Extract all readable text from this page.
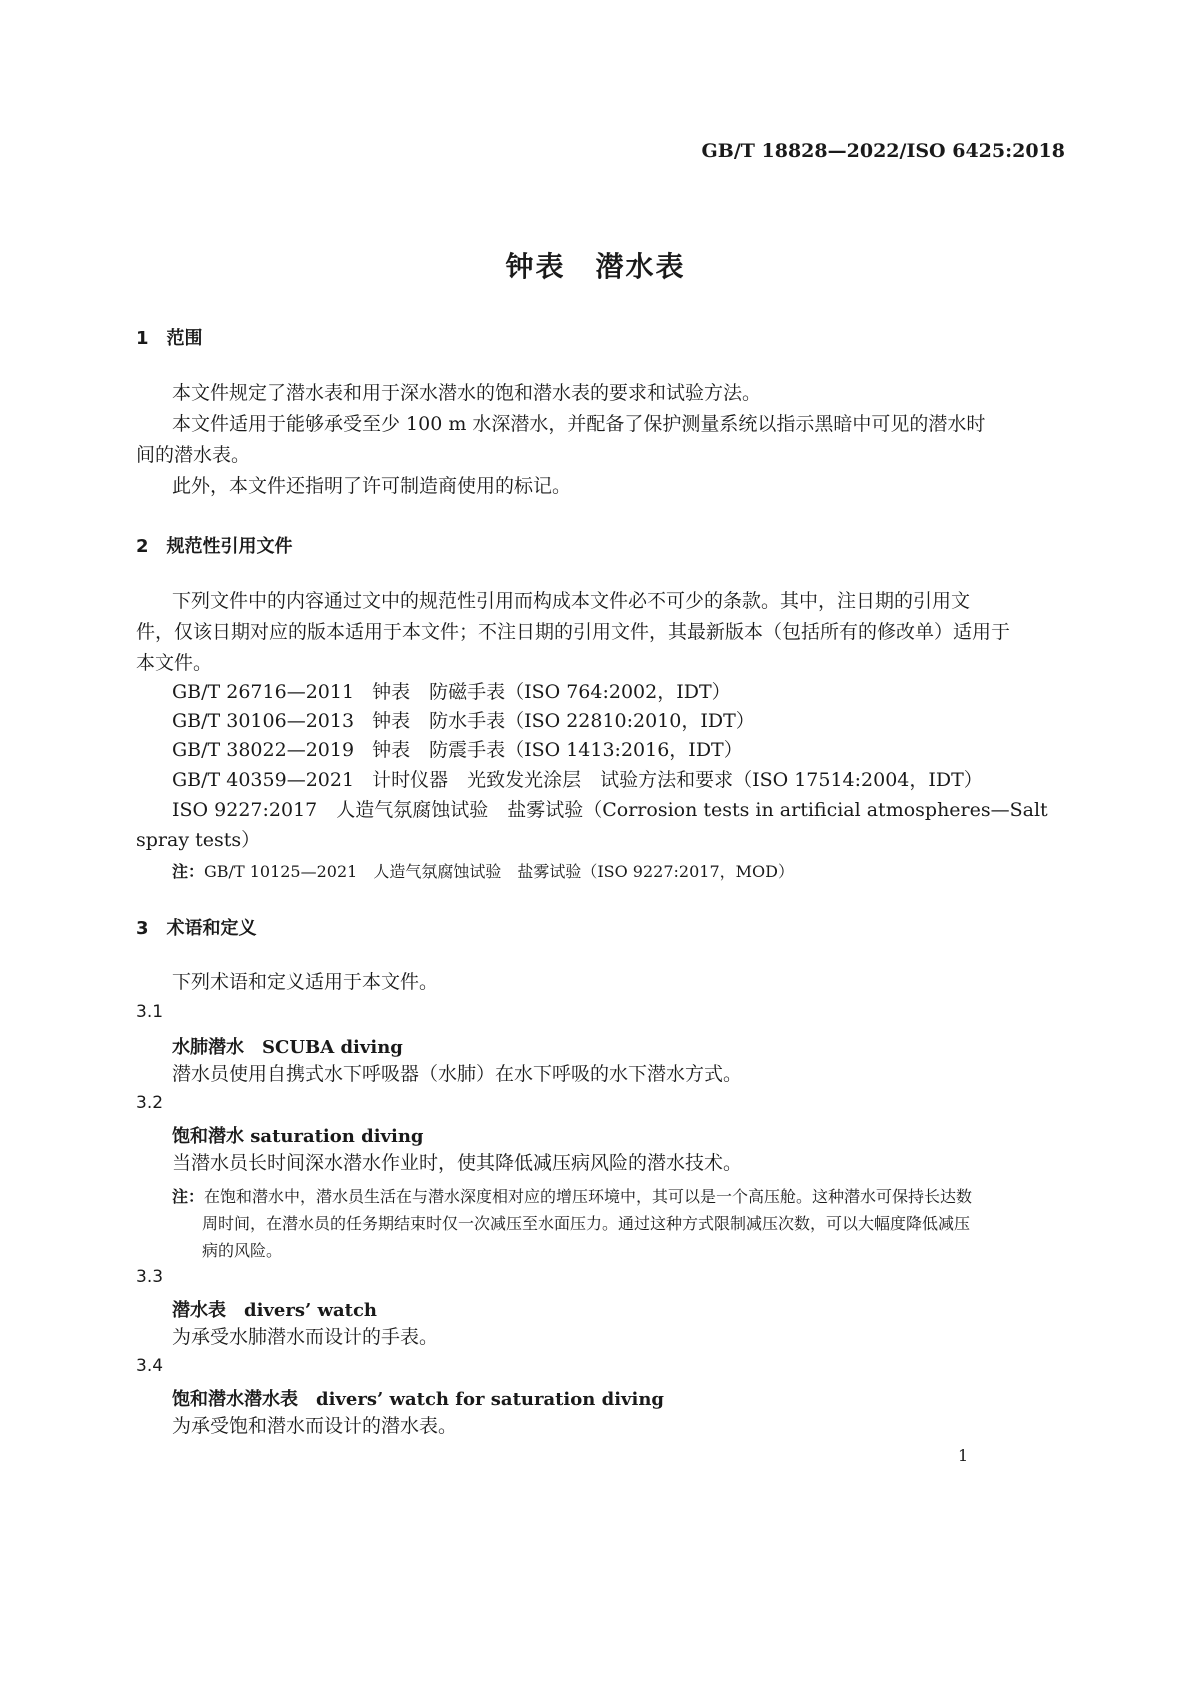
GB/T 18828—2022/ISO 6425:2018
钟表 潜水表
1 范围
本文件规定了潜水表和用于深水潜水的饱和潜水表的要求和试验方法。
本文件适用于能够承受至少 100 m 水深潜水，并配备了保护测量系统以指示黑暗中可见的潜水时
间的潜水表。
此外，本文件还指明了许可制造商使用的标记。
2 规范性引用文件
下列文件中的内容通过文中的规范性引用而构成本文件必不可少的条款。其中，注日期的引用文
件，仅该日期对应的版本适用于本文件；不注日期的引用文件，其最新版本（包括所有的修改单）适用于
本文件。
GB/T 26716—2011 钟表　防磁手表（ISO 764:2002，IDT）
GB/T 30106—2013 钟表　防水手表（ISO 22810:2010，IDT）
GB/T 38022—2019 钟表　防震手表（ISO 1413:2016，IDT）
GB/T 40359—2021 计时仪器　光致发光涂层　试验方法和要求（ISO 17514:2004，IDT）
ISO 9227:2017　人造气氛腐蚀试验　盐雾试验（Corrosion tests in artificial atmospheres—Salt
spray tests）
注：GB/T 10125—2021　人造气氛腐蚀试验　盐雾试验（ISO 9227:2017，MOD）
3 术语和定义
下列术语和定义适用于本文件。
3.1
水肺潜水　SCUBA diving
潜水员使用自携式水下呼吸器（水肺）在水下呼吸的水下潜水方式。
3.2
饱和潜水 saturation diving
当潜水员长时间深水潜水作业时，使其降低减压病风险的潜水技术。
注：在饱和潜水中，潜水员生活在与潜水深度相对应的增压环境中，其可以是一个高压舱。这种潜水可保持长达数
周时间，在潜水员的任务期结束时仅一次减压至水面压力。通过这种方式限制减压次数，可以大幅度降低减压
病的风险。
3.3
潜水表　divers’ watch
为承受水肺潜水而设计的手表。
3.4
饱和潜水潜水表　divers’ watch for saturation diving
为承受饱和潜水而设计的潜水表。
1
